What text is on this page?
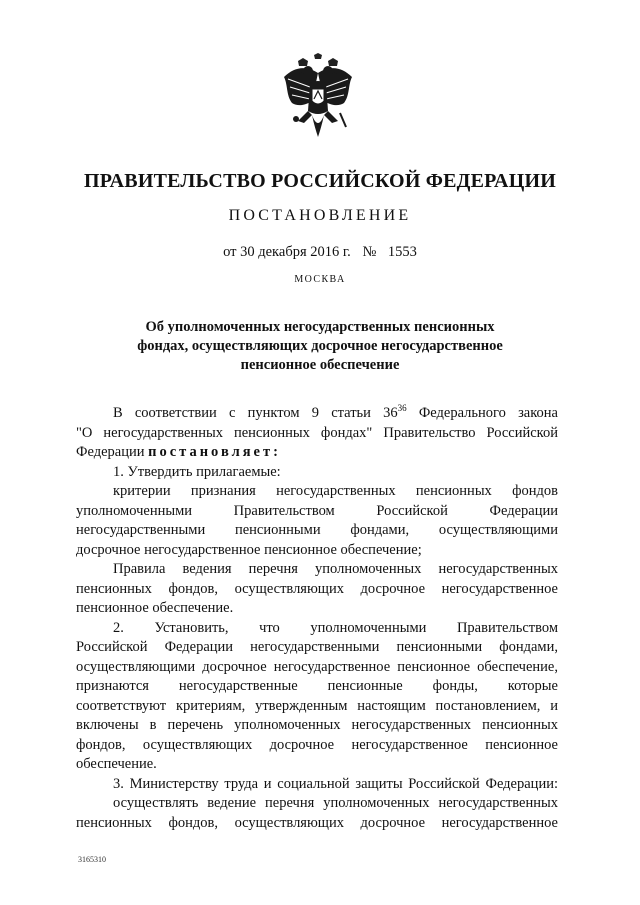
ПРАВИТЕЛЬСТВО РОССИЙСКОЙ ФЕДЕРАЦИИ
ПОСТАНОВЛЕНИЕ
от 30 декабря 2016 г. № 1553
МОСКВА
Об уполномоченных негосударственных пенсионных
фондах, осуществляющих досрочное негосударственное
пенсионное обеспечение
В соответствии с пунктом 9 статьи $36^{36}$ Федерального закона
"О негосударственных пенсионных фондах" Правительство Российской
Федерации постановляет:
1. Утвердить прилагаемые:
критерии признания негосударственных пенсионных фондов
уполномоченными Правительством Российской Федерации
негосударственными пенсионными фондами, осуществляющими
досрочное негосударственное пенсионное обеспечение;
Правила ведения перечня уполномоченных негосударственных
пенсионных фондов, осуществляющих досрочное негосударственное
пенсионное обеспечение.
2. Установить, что уполномоченными Правительством
Российской Федерации негосударственными пенсионными фондами,
осуществляющими досрочное негосударственное пенсионное обеспечение,
признаются негосударственные пенсионные фонды, которые
соответствуют критериям, утвержденным настоящим постановлением, и
включены в перечень уполномоченных негосударственных пенсионных
фондов, осуществляющих досрочное негосударственное пенсионное
обеспечение.
3. Министерству труда и социальной защиты Российской Федерации:
осуществлять ведение перечня уполномоченных негосударственных
пенсионных фондов, осуществляющих досрочное негосударственное
3165310
